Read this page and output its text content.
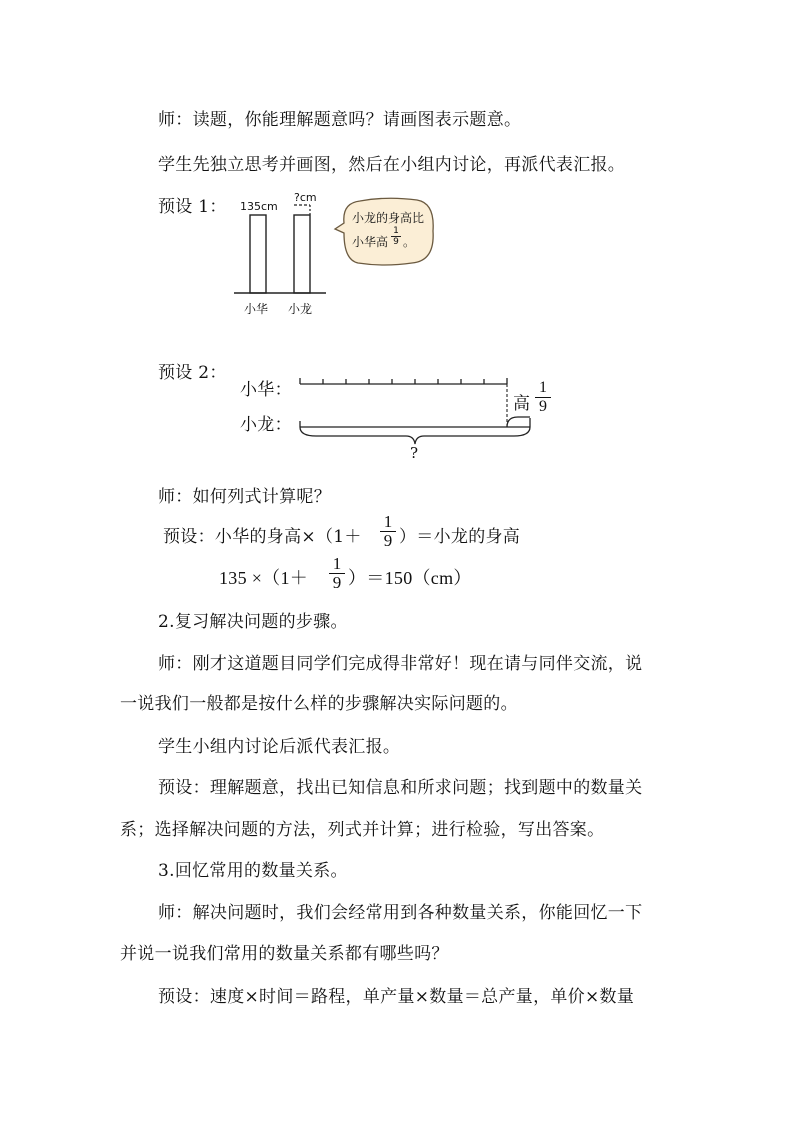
师：读题，你能理解题意吗？请画图表示题意。
学生先独立思考并画图，然后在小组内讨论，再派代表汇报。
预设 1： 135cm
?cm
小华 小龙
小龙的身高比
小华高
1
9 。
预设 2：
小华：
小龙：
高
1
9
?
师：如何列式计算呢？
预设：小华的身高×（1＋
1
9 ）＝小龙的身高
135 ×（1＋
1
9 ）＝150（cm）
2.复习解决问题的步骤。
师：刚才这道题目同学们完成得非常好！现在请与同伴交流，说
一说我们一般都是按什么样的步骤解决实际问题的。
学生小组内讨论后派代表汇报。
预设：理解题意，找出已知信息和所求问题；找到题中的数量关
系；选择解决问题的方法，列式并计算；进行检验，写出答案。
3.回忆常用的数量关系。
师：解决问题时，我们会经常用到各种数量关系，你能回忆一下
并说一说我们常用的数量关系都有哪些吗？
预设：速度×时间＝路程，单产量×数量＝总产量，单价×数量
